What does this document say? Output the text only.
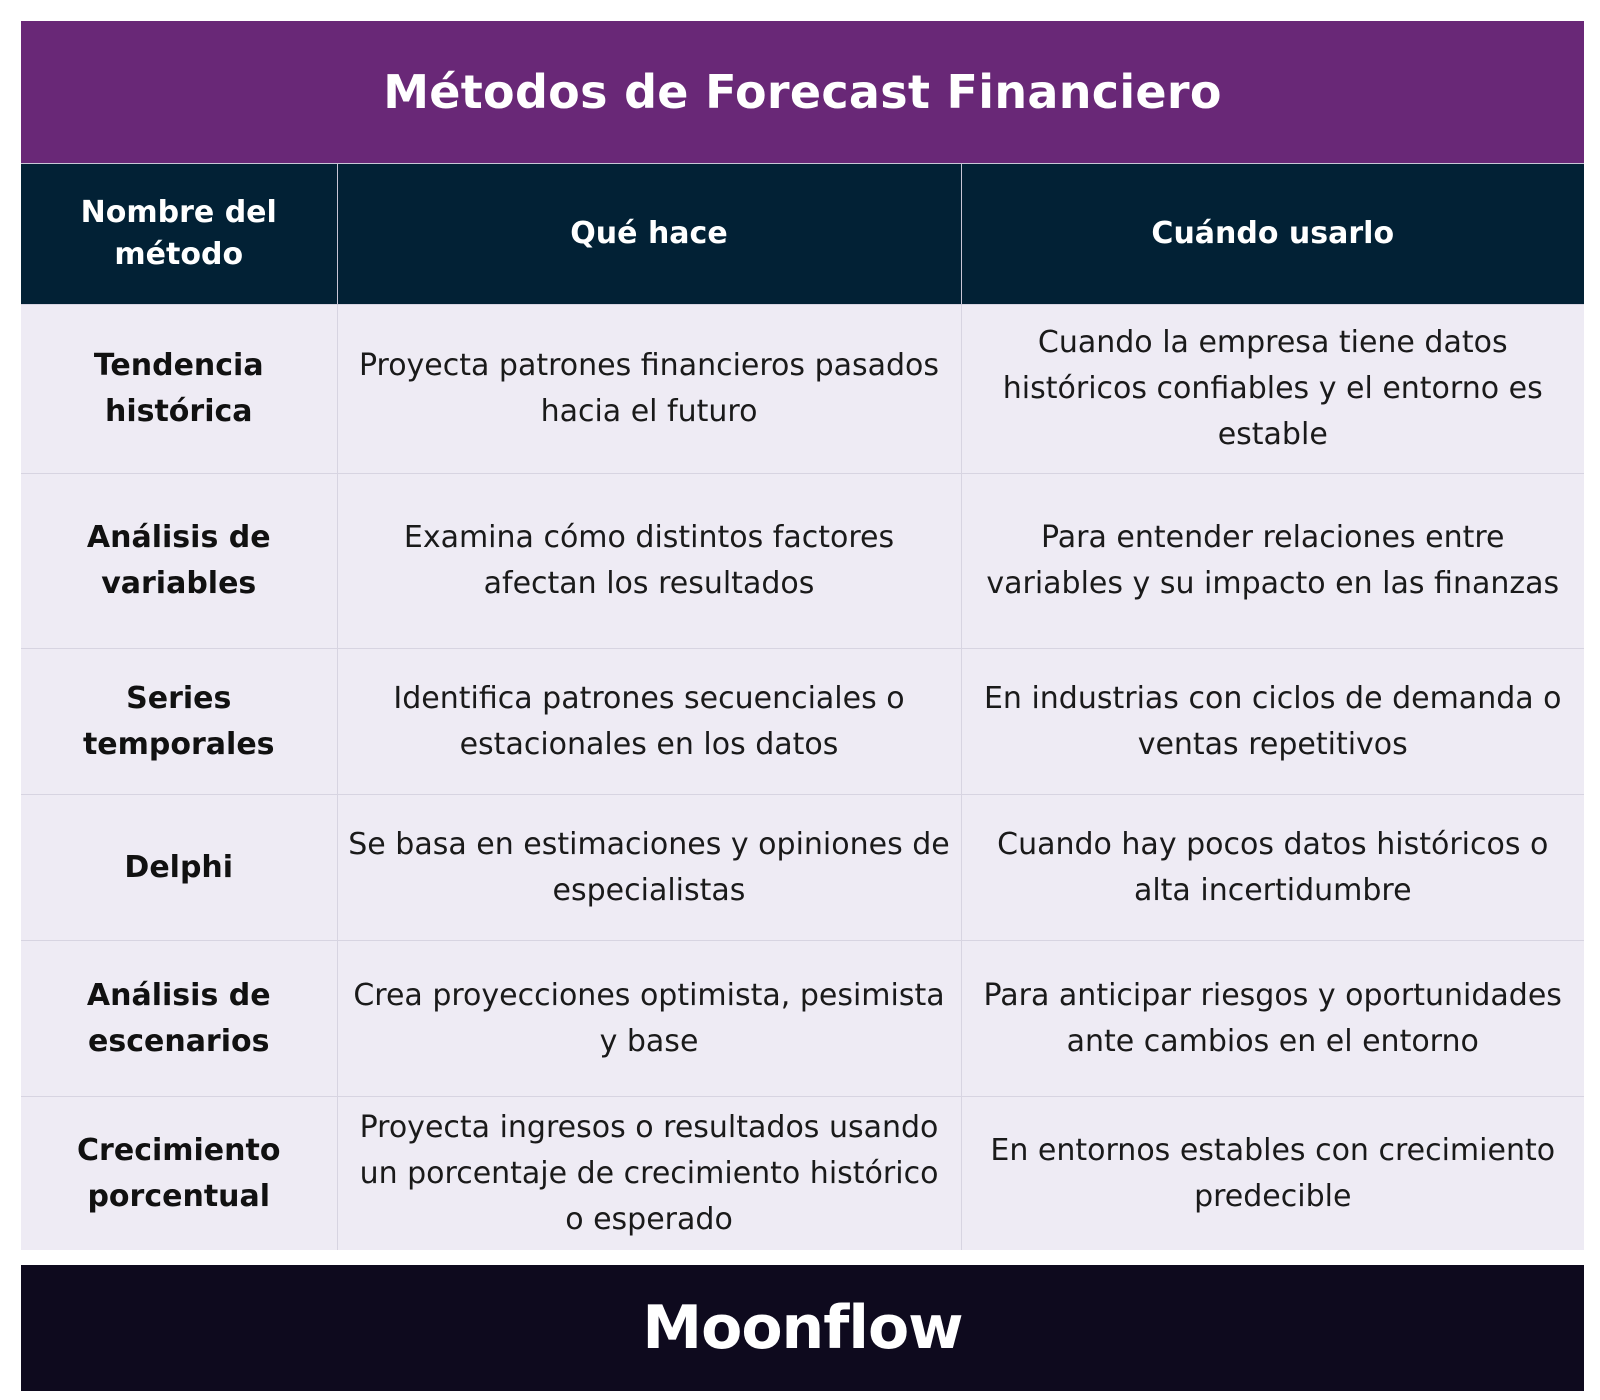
Métodos de Forecast Financiero
Nombre del método	Qué hace	Cuándo usarlo
Tendencia histórica	Proyecta patrones financieros pasados hacia el futuro	Cuando la empresa tiene datos históricos confiables y el entorno es estable
Análisis de variables	Examina cómo distintos factores afectan los resultados	Para entender relaciones entre variables y su impacto en las finanzas
Series temporales	Identifica patrones secuenciales o estacionales en los datos	En industrias con ciclos de demanda o ventas repetitivos
Delphi	Se basa en estimaciones y opiniones de especialistas	Cuando hay pocos datos históricos o alta incertidumbre
Análisis de escenarios	Crea proyecciones optimista, pesimista y base	Para anticipar riesgos y oportunidades ante cambios en el entorno
Crecimiento porcentual	Proyecta ingresos o resultados usando un porcentaje de crecimiento histórico o esperado	En entornos estables con crecimiento predecible
Moonflow
